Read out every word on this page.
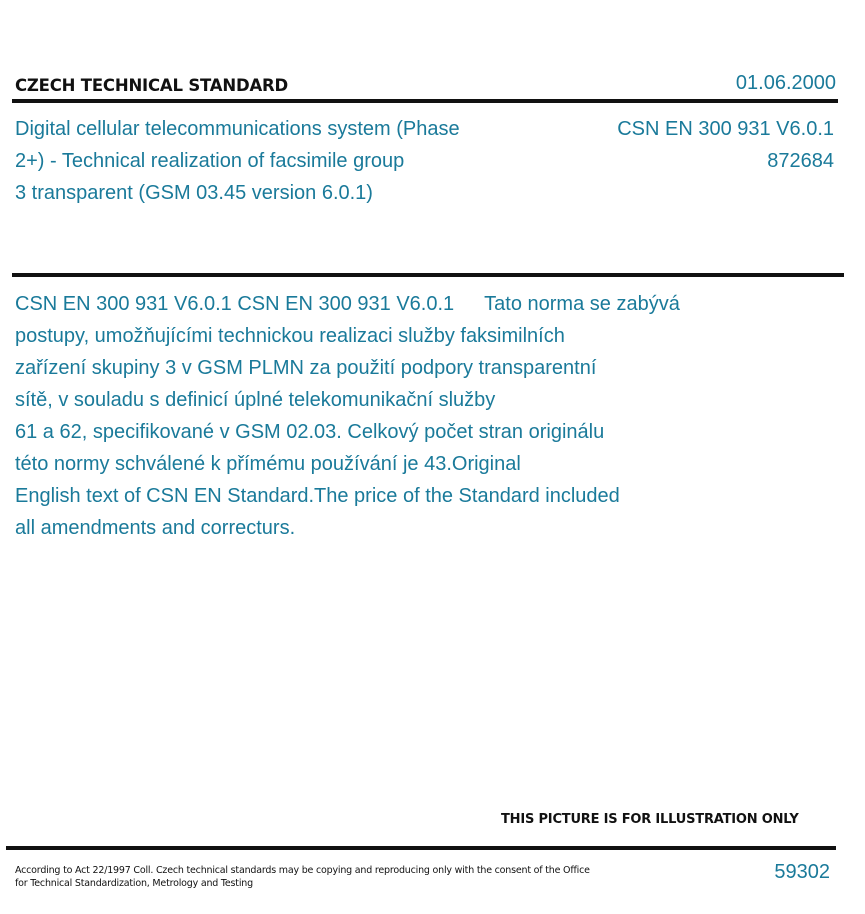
CZECH TECHNICAL STANDARD	01.06.2000
Digital cellular telecommunications system (Phase
2+) - Technical realization of facsimile group
3 transparent (GSM 03.45 version 6.0.1)
CSN EN 300 931 V6.0.1
872684
CSN EN 300 931 V6.0.1 CSN EN 300 931 V6.0.1 Tato norma se zabývá
postupy, umožňujícími technickou realizaci služby faksimilních
zařízení skupiny 3 v GSM PLMN za použití podpory transparentní
sítě, v souladu s definicí úplné telekomunikační služby
61 a 62, specifikované v GSM 02.03. Celkový počet stran originálu
této normy schválené k přímému používání je 43.Original
English text of CSN EN Standard.The price of the Standard included
all amendments and correcturs.
THIS PICTURE IS FOR ILLUSTRATION ONLY
According to Act 22/1997 Coll. Czech technical standards may be copying and reproducing only with the consent of the Office
for Technical Standardization, Metrology and Testing
59302
